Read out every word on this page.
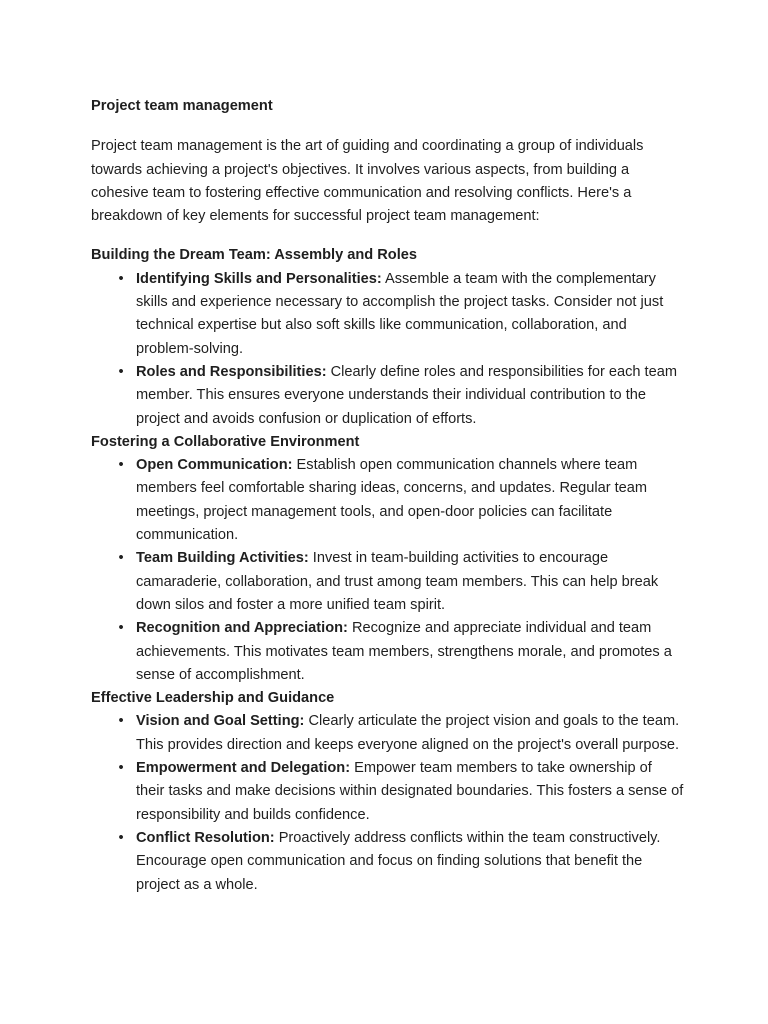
Project team management

Project team management is the art of guiding and coordinating a group of individuals towards achieving a project's objectives. It involves various aspects, from building a cohesive team to fostering effective communication and resolving conflicts. Here's a breakdown of key elements for successful project team management:

Building the Dream Team: Assembly and Roles

• Identifying Skills and Personalities: Assemble a team with the complementary skills and experience necessary to accomplish the project tasks. Consider not just technical expertise but also soft skills like communication, collaboration, and problem-solving.
• Roles and Responsibilities: Clearly define roles and responsibilities for each team member. This ensures everyone understands their individual contribution to the project and avoids confusion or duplication of efforts.

Fostering a Collaborative Environment

• Open Communication: Establish open communication channels where team members feel comfortable sharing ideas, concerns, and updates. Regular team meetings, project management tools, and open-door policies can facilitate communication.
• Team Building Activities: Invest in team-building activities to encourage camaraderie, collaboration, and trust among team members. This can help break down silos and foster a more unified team spirit.
• Recognition and Appreciation: Recognize and appreciate individual and team achievements. This motivates team members, strengthens morale, and promotes a sense of accomplishment.

Effective Leadership and Guidance

• Vision and Goal Setting: Clearly articulate the project vision and goals to the team. This provides direction and keeps everyone aligned on the project's overall purpose.
• Empowerment and Delegation: Empower team members to take ownership of their tasks and make decisions within designated boundaries. This fosters a sense of responsibility and builds confidence.
• Conflict Resolution: Proactively address conflicts within the team constructively. Encourage open communication and focus on finding solutions that benefit the project as a whole.
